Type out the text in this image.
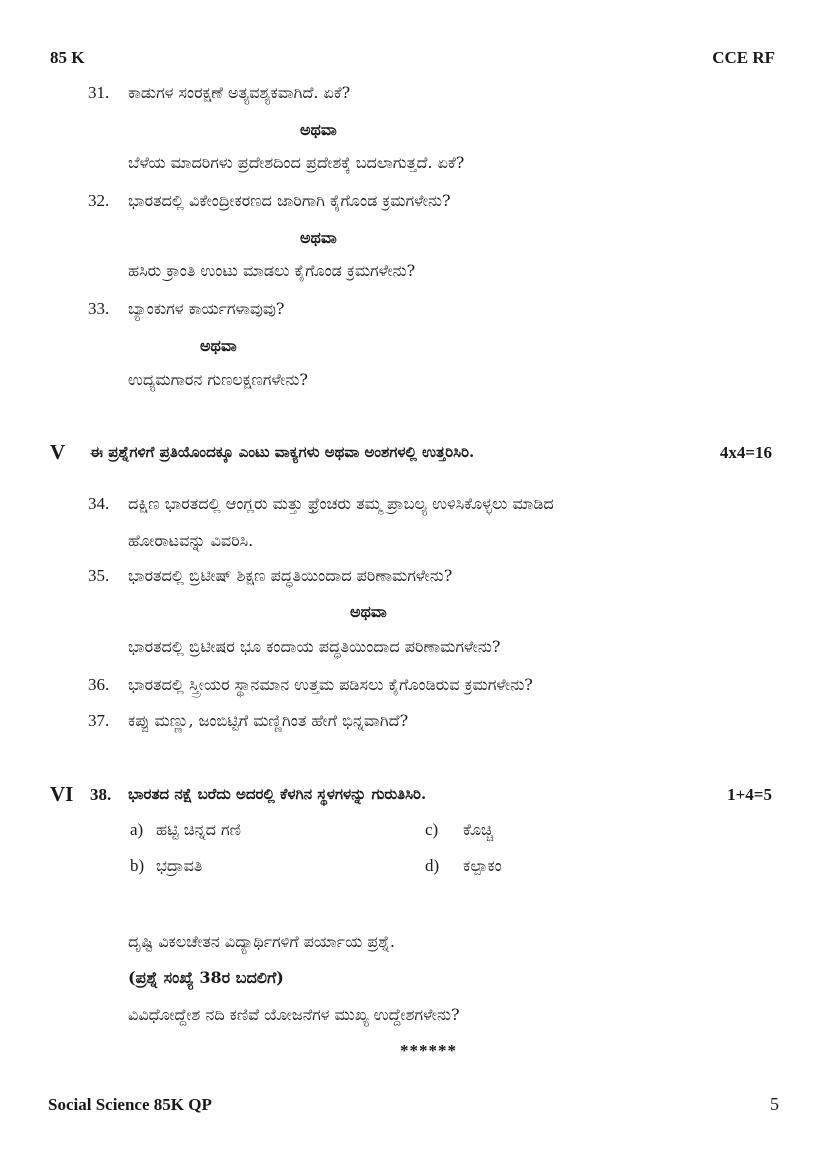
85 K	CCE RF
31. ಕಾಡುಗಳ ಸಂರಕ್ಷಣೆ ಅತ್ಯವಶ್ಯಕವಾಗಿದೆ. ಏಕೆ?
ಅಥವಾ
ಬೆಳೆಯ ಮಾದರಿಗಳು ಪ್ರದೇಶದಿಂದ ಪ್ರದೇಶಕ್ಕೆ ಬದಲಾಗುತ್ತದೆ. ಏಕೆ?
32. ಭಾರತದಲ್ಲಿ ವಿಕೇಂದ್ರೀಕರಣದ ಜಾರಿಗಾಗಿ ಕೈಗೊಂಡ ಕ್ರಮಗಳೇನು?
ಅಥವಾ
ಹಸಿರು ಕ್ರಾಂತಿ ಉಂಟು ಮಾಡಲು ಕೈಗೊಂಡ ಕ್ರಮಗಳೇನು?
33. ಬ್ಯಾಂಕುಗಳ ಕಾರ್ಯಗಳಾವುವು?
ಅಥವಾ
ಉದ್ಯಮಗಾರನ ಗುಣಲಕ್ಷಣಗಳೇನು?
V ಈ ಪ್ರಶ್ನೆಗಳಿಗೆ ಪ್ರತಿಯೊಂದಕ್ಕೂ ಎಂಟು ವಾಕ್ಯಗಳು ಅಥವಾ ಅಂಶಗಳಲ್ಲಿ ಉತ್ತರಿಸಿರಿ.	4x4=16
34. ದಕ್ಷಿಣ ಭಾರತದಲ್ಲಿ ಆಂಗ್ಲರು ಮತ್ತು ಫ್ರೆಂಚರು ತಮ್ಮ ಪ್ರಾಬಲ್ಯ ಉಳಿಸಿಕೊಳ್ಳಲು ಮಾಡಿದ
ಹೋರಾಟವನ್ನು ವಿವರಿಸಿ.
35. ಭಾರತದಲ್ಲಿ ಬ್ರಿಟೀಷ್ ಶಿಕ್ಷಣ ಪದ್ಧತಿಯಿಂದಾದ ಪರಿಣಾಮಗಳೇನು?
ಅಥವಾ
ಭಾರತದಲ್ಲಿ ಬ್ರಿಟೀಷರ ಭೂ ಕಂದಾಯ ಪದ್ಧತಿಯಿಂದಾದ ಪರಿಣಾಮಗಳೇನು?
36. ಭಾರತದಲ್ಲಿ ಸ್ತ್ರೀಯರ ಸ್ಥಾನಮಾನ ಉತ್ತಮ ಪಡಿಸಲು ಕೈಗೊಂಡಿರುವ ಕ್ರಮಗಳೇನು?
37. ಕಪ್ಪು ಮಣ್ಣು, ಜಂಬಿಟ್ಟಿಗೆ ಮಣ್ಣಿಗಿಂತ ಹೇಗೆ ಭಿನ್ನವಾಗಿದೆ?
VI 38. ಭಾರತದ ನಕ್ಷೆ ಬರೆದು ಅದರಲ್ಲಿ ಕೆಳಗಿನ ಸ್ಥಳಗಳನ್ನು ಗುರುತಿಸಿರಿ.	1+4=5
a) ಹಟ್ಟಿ ಚಿನ್ನದ ಗಣಿ	c) ಕೊಚ್ಚಿ
b) ಭದ್ರಾವತಿ	d) ಕಲ್ಪಾಕಂ
ದೃಷ್ಟಿ ವಿಕಲಚೇತನ ವಿದ್ಯಾರ್ಥಿಗಳಿಗೆ ಪರ್ಯಾಯ ಪ್ರಶ್ನೆ.
(ಪ್ರಶ್ನೆ ಸಂಖ್ಯೆ 38ರ ಬದಲಿಗೆ)
ವಿವಿಧೋದ್ದೇಶ ನದಿ ಕಣಿವೆ ಯೋಜನೆಗಳ ಮುಖ್ಯ ಉದ್ದೇಶಗಳೇನು?
******
Social Science 85K QP	5
